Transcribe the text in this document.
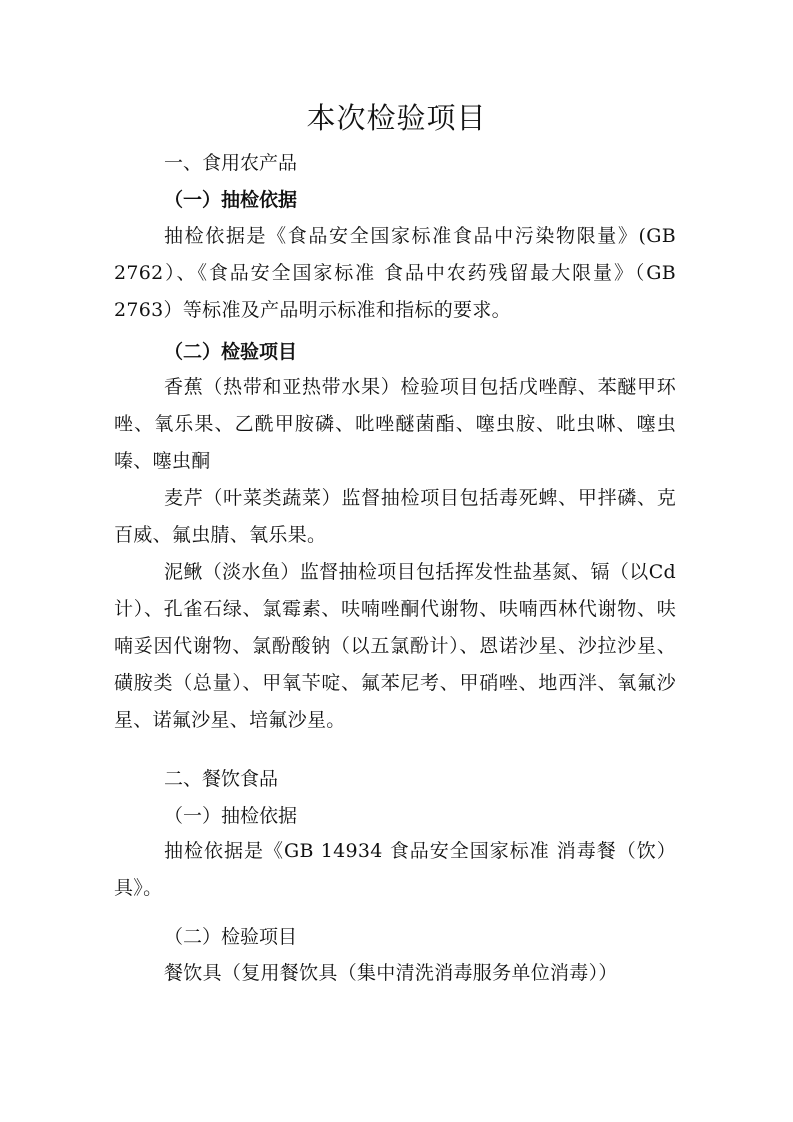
本次检验项目
一、食用农产品
（一）抽检依据
抽检依据是《食品安全国家标准食品中污染物限量》(GB 2762）、《食品安全国家标准 食品中农药残留最大限量》（GB 2763）等标准及产品明示标准和指标的要求。
（二）检验项目
香蕉（热带和亚热带水果）检验项目包括戊唑醇、苯醚甲环唑、氧乐果、乙酰甲胺磷、吡唑醚菌酯、噻虫胺、吡虫啉、噻虫嗪、噻虫酮
麦芹（叶菜类蔬菜）监督抽检项目包括毒死蜱、甲拌磷、克百威、氟虫腈、氧乐果。
泥鳅（淡水鱼）监督抽检项目包括挥发性盐基氮、镉（以Cd 计）、孔雀石绿、氯霉素、呋喃唑酮代谢物、呋喃西林代谢物、呋喃妥因代谢物、氯酚酸钠（以五氯酚计）、恩诺沙星、沙拉沙星、磺胺类（总量）、甲氧苄啶、氟苯尼考、甲硝唑、地西泮、氧氟沙星、诺氟沙星、培氟沙星。
二、餐饮食品
（一）抽检依据
抽检依据是《GB 14934 食品安全国家标准 消毒餐（饮）具》。
（二）检验项目
餐饮具（复用餐饮具（集中清洗消毒服务单位消毒））
